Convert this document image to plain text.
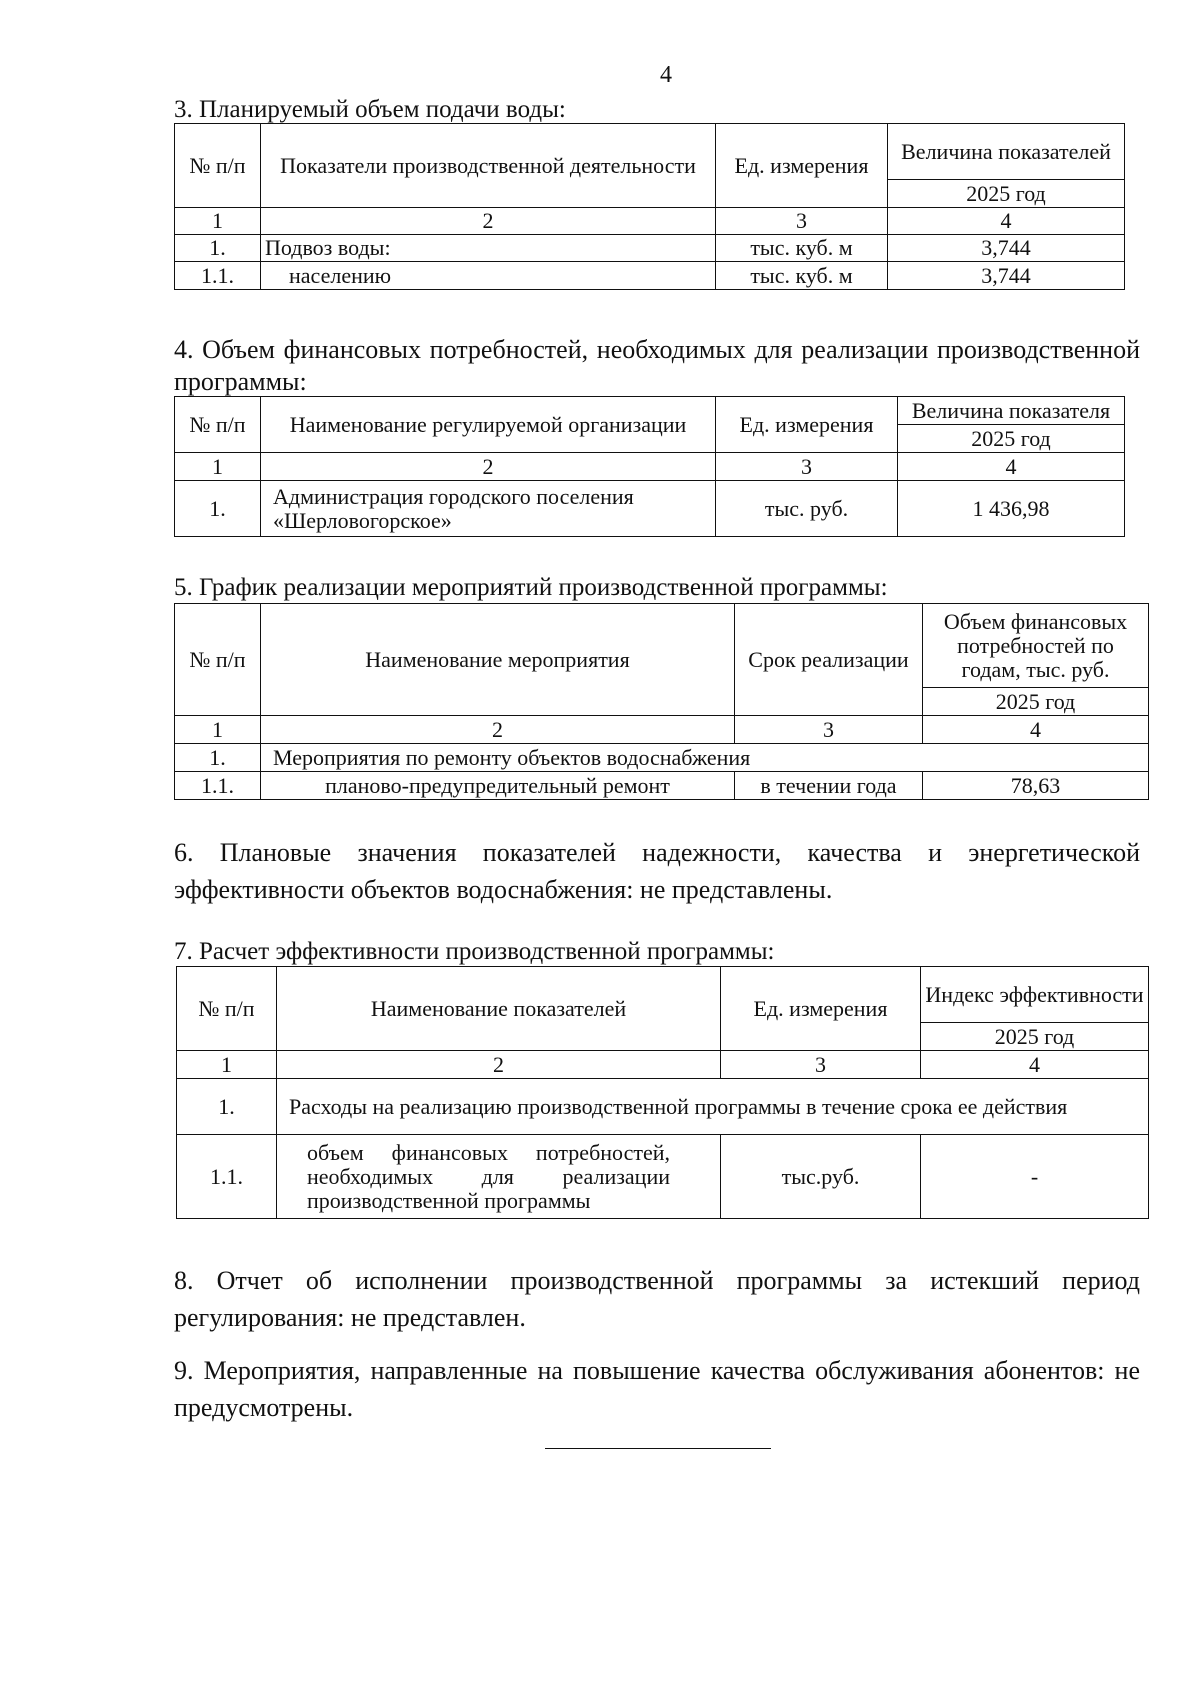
4
3. Планируемый объем подачи воды:
№ п/п	Показатели производственной деятельности	Ед. измерения	Величина показателей
			2025 год
1	2	3	4
1.	Подвоз воды:	тыс. куб. м	3,744
1.1.	населению	тыс. куб. м	3,744
4. Объем финансовых потребностей, необходимых для реализации производственной программы:
№ п/п	Наименование регулируемой организации	Ед. измерения	Величина показателя
			2025 год
1	2	3	4
1.	Администрация городского поселения «Шерловогорское»	тыс. руб.	1 436,98
5. График реализации мероприятий производственной программы:
№ п/п	Наименование мероприятия	Срок реализации	Объем финансовых потребностей по годам, тыс. руб.
			2025 год
1	2	3	4
1.	Мероприятия по ремонту объектов водоснабжения		
1.1.	планово-предупредительный ремонт	в течении года	78,63
6. Плановые значения показателей надежности, качества и энергетической эффективности объектов водоснабжения: не представлены.
7. Расчет эффективности производственной программы:
№ п/п	Наименование показателей	Ед. измерения	Индекс эффективности
			2025 год
1	2	3	4
1.	Расходы на реализацию производственной программы в течение срока ее действия		
1.1.	объем финансовых потребностей, необходимых для реализации производственной программы	тыс.руб.	-
8. Отчет об исполнении производственной программы за истекший период регулирования: не представлен.
9. Мероприятия, направленные на повышение качества обслуживания абонентов: не предусмотрены.
